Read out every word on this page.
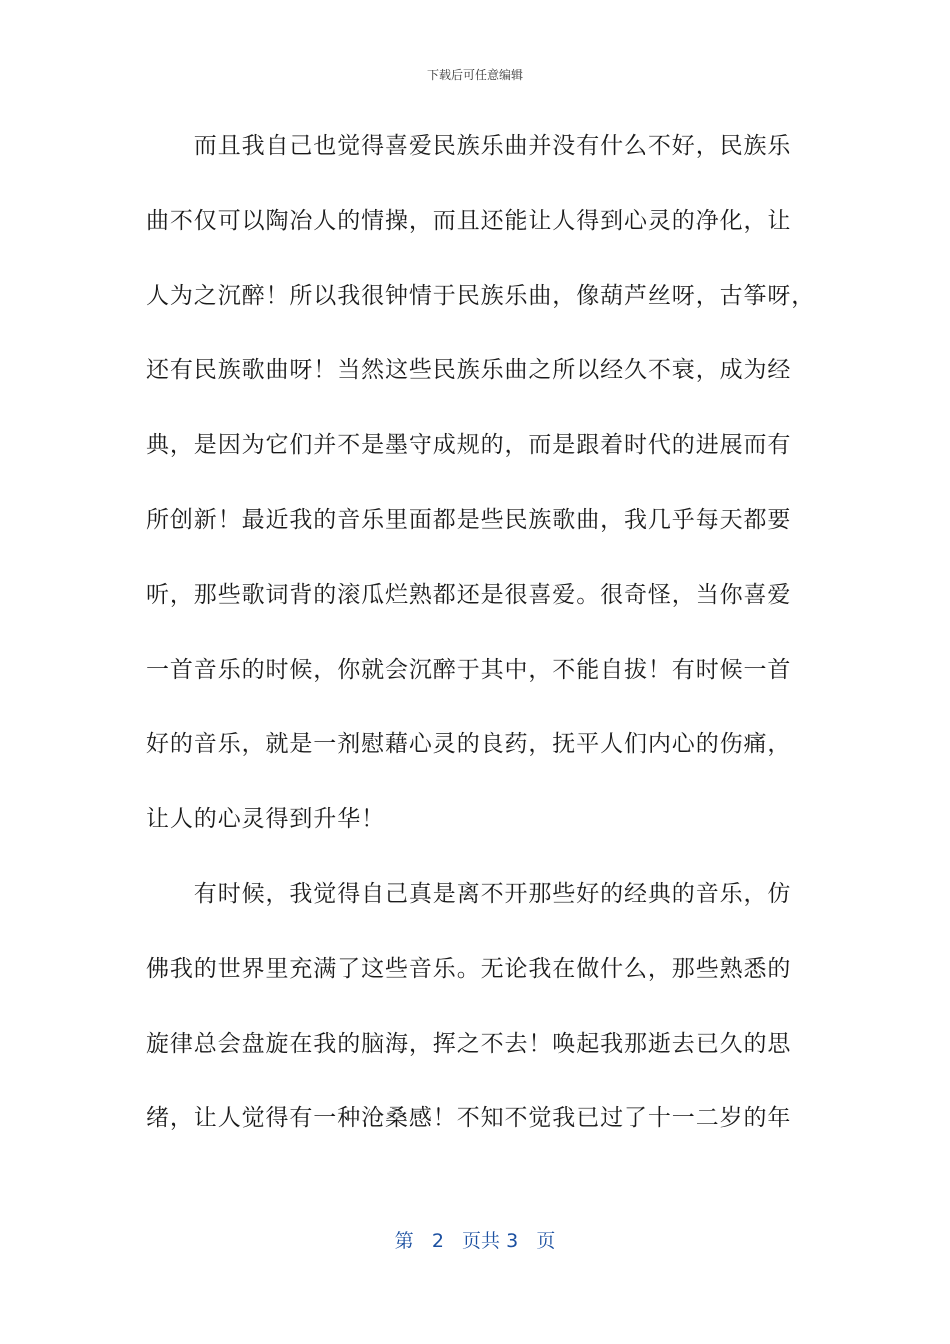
下载后可任意编辑
　　而且我自己也觉得喜爱民族乐曲并没有什么不好，民族乐
曲不仅可以陶冶人的情操，而且还能让人得到心灵的净化，让
人为之沉醉！所以我很钟情于民族乐曲，像葫芦丝呀，古筝呀，
还有民族歌曲呀！当然这些民族乐曲之所以经久不衰，成为经
典，是因为它们并不是墨守成规的，而是跟着时代的进展而有
所创新！最近我的音乐里面都是些民族歌曲，我几乎每天都要
听，那些歌词背的滚瓜烂熟都还是很喜爱。很奇怪，当你喜爱
一首音乐的时候，你就会沉醉于其中，不能自拔！有时候一首
好的音乐，就是一剂慰藉心灵的良药，抚平人们内心的伤痛，
让人的心灵得到升华！
　　有时候，我觉得自己真是离不开那些好的经典的音乐，仿
佛我的世界里充满了这些音乐。无论我在做什么，那些熟悉的
旋律总会盘旋在我的脑海，挥之不去！唤起我那逝去已久的思
绪，让人觉得有一种沧桑感！不知不觉我已过了十一二岁的年
第 2 页共 3 页
